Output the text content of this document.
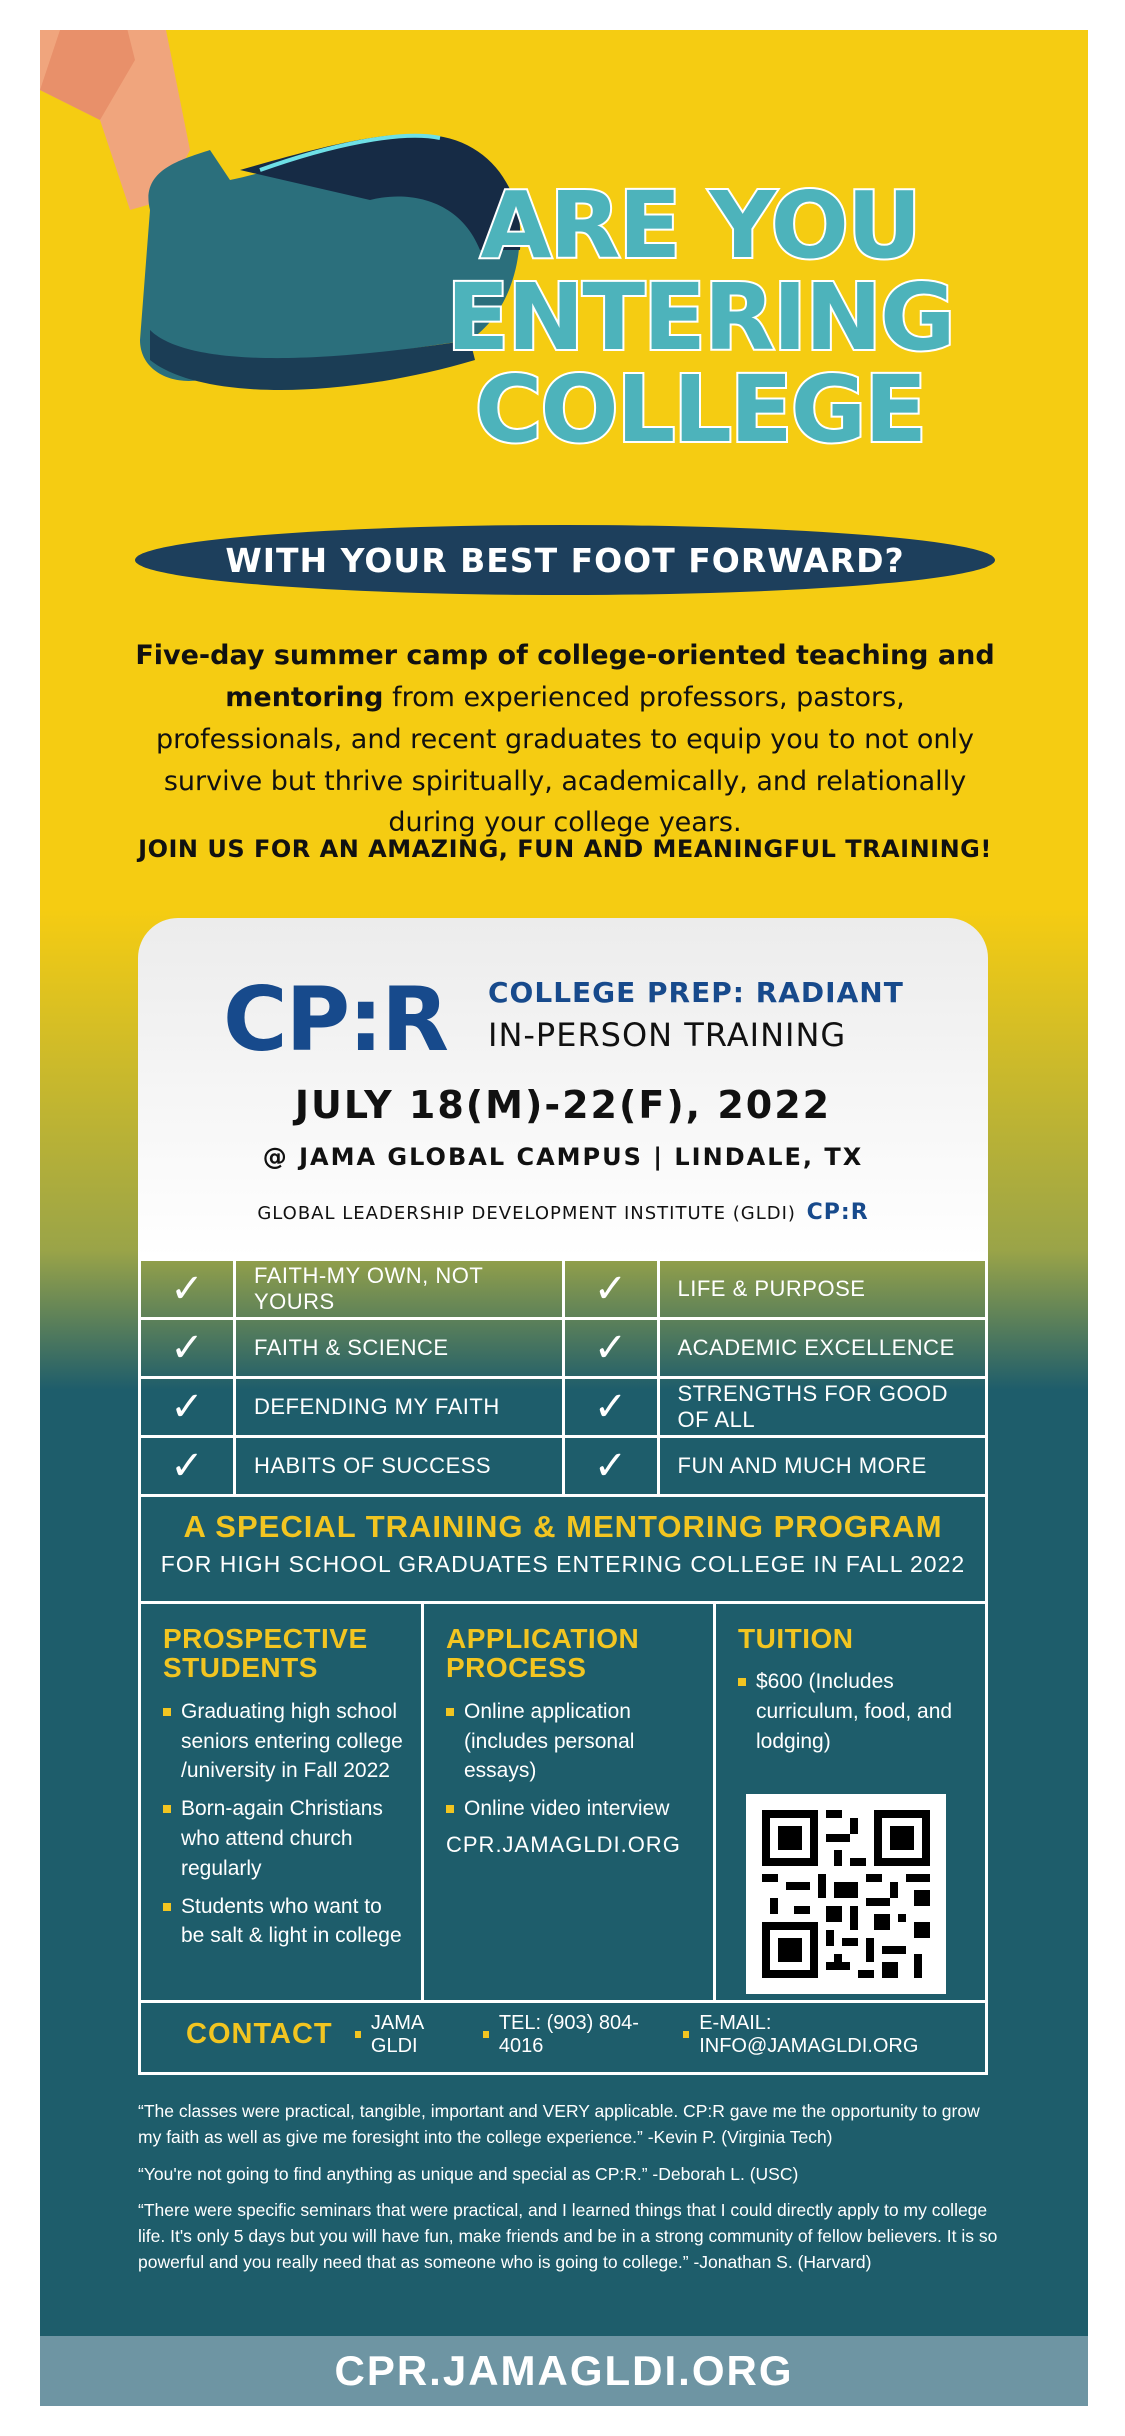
ARE YOU
ENTERING
COLLEGE
WITH YOUR BEST FOOT FORWARD?
Five-day summer camp of college-oriented teaching and mentoring from experienced professors, pastors, professionals, and recent graduates to equip you to not only survive but thrive spiritually, academically, and relationally during your college years.
JOIN US FOR AN AMAZING, FUN AND MEANINGFUL TRAINING!
CP:R COLLEGE PREP: RADIANT
IN-PERSON TRAINING
JULY 18(M)-22(F), 2022
@ JAMA GLOBAL CAMPUS | LINDALE, TX
GLOBAL LEADERSHIP DEVELOPMENT INSTITUTE (GLDI) CP:R
✓	FAITH-MY OWN, NOT YOURS	✓	LIFE & PURPOSE
✓	FAITH & SCIENCE	✓	ACADEMIC EXCELLENCE
✓	DEFENDING MY FAITH	✓	STRENGTHS FOR GOOD OF ALL
✓	HABITS OF SUCCESS	✓	FUN AND MUCH MORE
A SPECIAL TRAINING & MENTORING PROGRAM
FOR HIGH SCHOOL GRADUATES ENTERING COLLEGE IN FALL 2022
PROSPECTIVE STUDENTS
Graduating high school seniors entering college /university in Fall 2022
Born-again Christians who attend church regularly
Students who want to be salt & light in college
APPLICATION PROCESS
Online application (includes personal essays)
Online video interview
CPR.JAMAGLDI.ORG
TUITION
$600 (Includes curriculum, food, and lodging)
CONTACT	JAMA GLDI
TEL: (903) 804-4016
E-MAIL: INFO@JAMAGLDI.ORG

“The classes were practical, tangible, important and VERY applicable. CP:R gave me the opportunity to grow my faith as well as give me foresight into the college experience.” -Kevin P. (Virginia Tech)

“You're not going to find anything as unique and special as CP:R.” -Deborah L. (USC)

“There were specific seminars that were practical, and I learned things that I could directly apply to my college life. It's only 5 days but you will have fun, make friends and be in a strong community of fellow believers. It is so powerful and you really need that as someone who is going to college.” -Jonathan S. (Harvard)

CPR.JAMAGLDI.ORG
